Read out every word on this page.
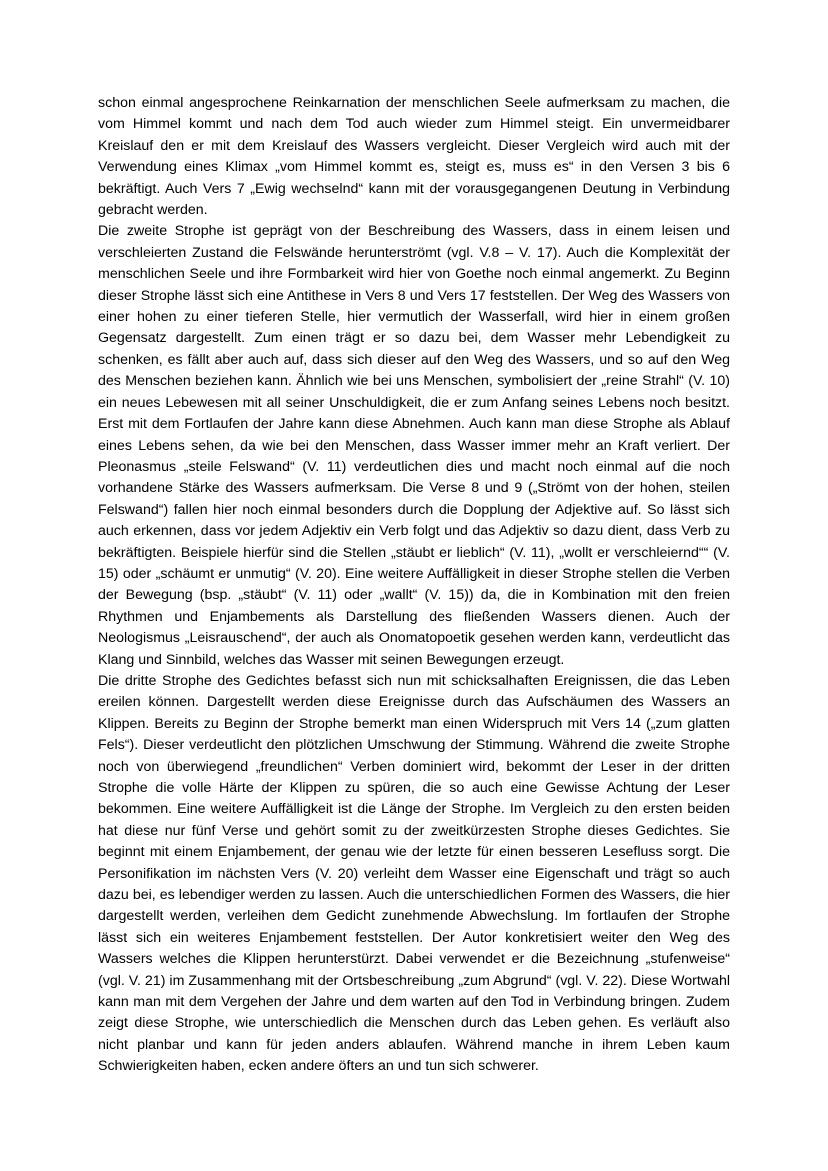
schon einmal angesprochene Reinkarnation der menschlichen Seele aufmerksam zu machen, die vom Himmel kommt und nach dem Tod auch wieder zum Himmel steigt. Ein unvermeidbarer Kreislauf den er mit dem Kreislauf des Wassers vergleicht. Dieser Vergleich wird auch mit der Verwendung eines Klimax „vom Himmel kommt es, steigt es, muss es“ in den Versen 3 bis 6 bekräftigt. Auch Vers 7 „Ewig wechselnd“ kann mit der vorausgegangenen Deutung in Verbindung gebracht werden.

Die zweite Strophe ist geprägt von der Beschreibung des Wassers, dass in einem leisen und verschleierten Zustand die Felswände herunterströmt (vgl. V.8 – V. 17). Auch die Komplexität der menschlichen Seele und ihre Formbarkeit wird hier von Goethe noch einmal angemerkt. Zu Beginn dieser Strophe lässt sich eine Antithese in Vers 8 und Vers 17 feststellen. Der Weg des Wassers von einer hohen zu einer tieferen Stelle, hier vermutlich der Wasserfall, wird hier in einem großen Gegensatz dargestellt. Zum einen trägt er so dazu bei, dem Wasser mehr Lebendigkeit zu schenken, es fällt aber auch auf, dass sich dieser auf den Weg des Wassers, und so auf den Weg des Menschen beziehen kann. Ähnlich wie bei uns Menschen, symbolisiert der „reine Strahl“ (V. 10) ein neues Lebewesen mit all seiner Unschuldigkeit, die er zum Anfang seines Lebens noch besitzt. Erst mit dem Fortlaufen der Jahre kann diese Abnehmen. Auch kann man diese Strophe als Ablauf eines Lebens sehen, da wie bei den Menschen, dass Wasser immer mehr an Kraft verliert. Der Pleonasmus „steile Felswand“ (V. 11) verdeutlichen dies und macht noch einmal auf die noch vorhandene Stärke des Wassers aufmerksam. Die Verse 8 und 9 („Strömt von der hohen, steilen Felswand“) fallen hier noch einmal besonders durch die Dopplung der Adjektive auf. So lässt sich auch erkennen, dass vor jedem Adjektiv ein Verb folgt und das Adjektiv so dazu dient, dass Verb zu bekräftigten. Beispiele hierfür sind die Stellen „stäubt er lieblich“ (V. 11), „wollt er verschleiernd““ (V. 15) oder „schäumt er unmutig“ (V. 20). Eine weitere Auffälligkeit in dieser Strophe stellen die Verben der Bewegung (bsp. „stäubt“ (V. 11) oder „wallt“ (V. 15)) da, die in Kombination mit den freien Rhythmen und Enjambements als Darstellung des fließenden Wassers dienen. Auch der Neologismus „Leisrauschend“, der auch als Onomatopoetik gesehen werden kann, verdeutlicht das Klang und Sinnbild, welches das Wasser mit seinen Bewegungen erzeugt.

Die dritte Strophe des Gedichtes befasst sich nun mit schicksalhaften Ereignissen, die das Leben ereilen können. Dargestellt werden diese Ereignisse durch das Aufschäumen des Wassers an Klippen. Bereits zu Beginn der Strophe bemerkt man einen Widerspruch mit Vers 14 („zum glatten Fels“). Dieser verdeutlicht den plötzlichen Umschwung der Stimmung. Während die zweite Strophe noch von überwiegend „freundlichen“ Verben dominiert wird, bekommt der Leser in der dritten Strophe die volle Härte der Klippen zu spüren, die so auch eine Gewisse Achtung der Leser bekommen. Eine weitere Auffälligkeit ist die Länge der Strophe. Im Vergleich zu den ersten beiden hat diese nur fünf Verse und gehört somit zu der zweitkürzesten Strophe dieses Gedichtes. Sie beginnt mit einem Enjambement, der genau wie der letzte für einen besseren Lesefluss sorgt. Die Personifikation im nächsten Vers (V. 20) verleiht dem Wasser eine Eigenschaft und trägt so auch dazu bei, es lebendiger werden zu lassen. Auch die unterschiedlichen Formen des Wassers, die hier dargestellt werden, verleihen dem Gedicht zunehmende Abwechslung. Im fortlaufen der Strophe lässt sich ein weiteres Enjambement feststellen. Der Autor konkretisiert weiter den Weg des Wassers welches die Klippen herunterstürzt. Dabei verwendet er die Bezeichnung „stufenweise“ (vgl. V. 21) im Zusammenhang mit der Ortsbeschreibung „zum Abgrund“ (vgl. V. 22). Diese Wortwahl kann man mit dem Vergehen der Jahre und dem warten auf den Tod in Verbindung bringen. Zudem zeigt diese Strophe, wie unterschiedlich die Menschen durch das Leben gehen. Es verläuft also nicht planbar und kann für jeden anders ablaufen. Während manche in ihrem Leben kaum Schwierigkeiten haben, ecken andere öfters an und tun sich schwerer.
